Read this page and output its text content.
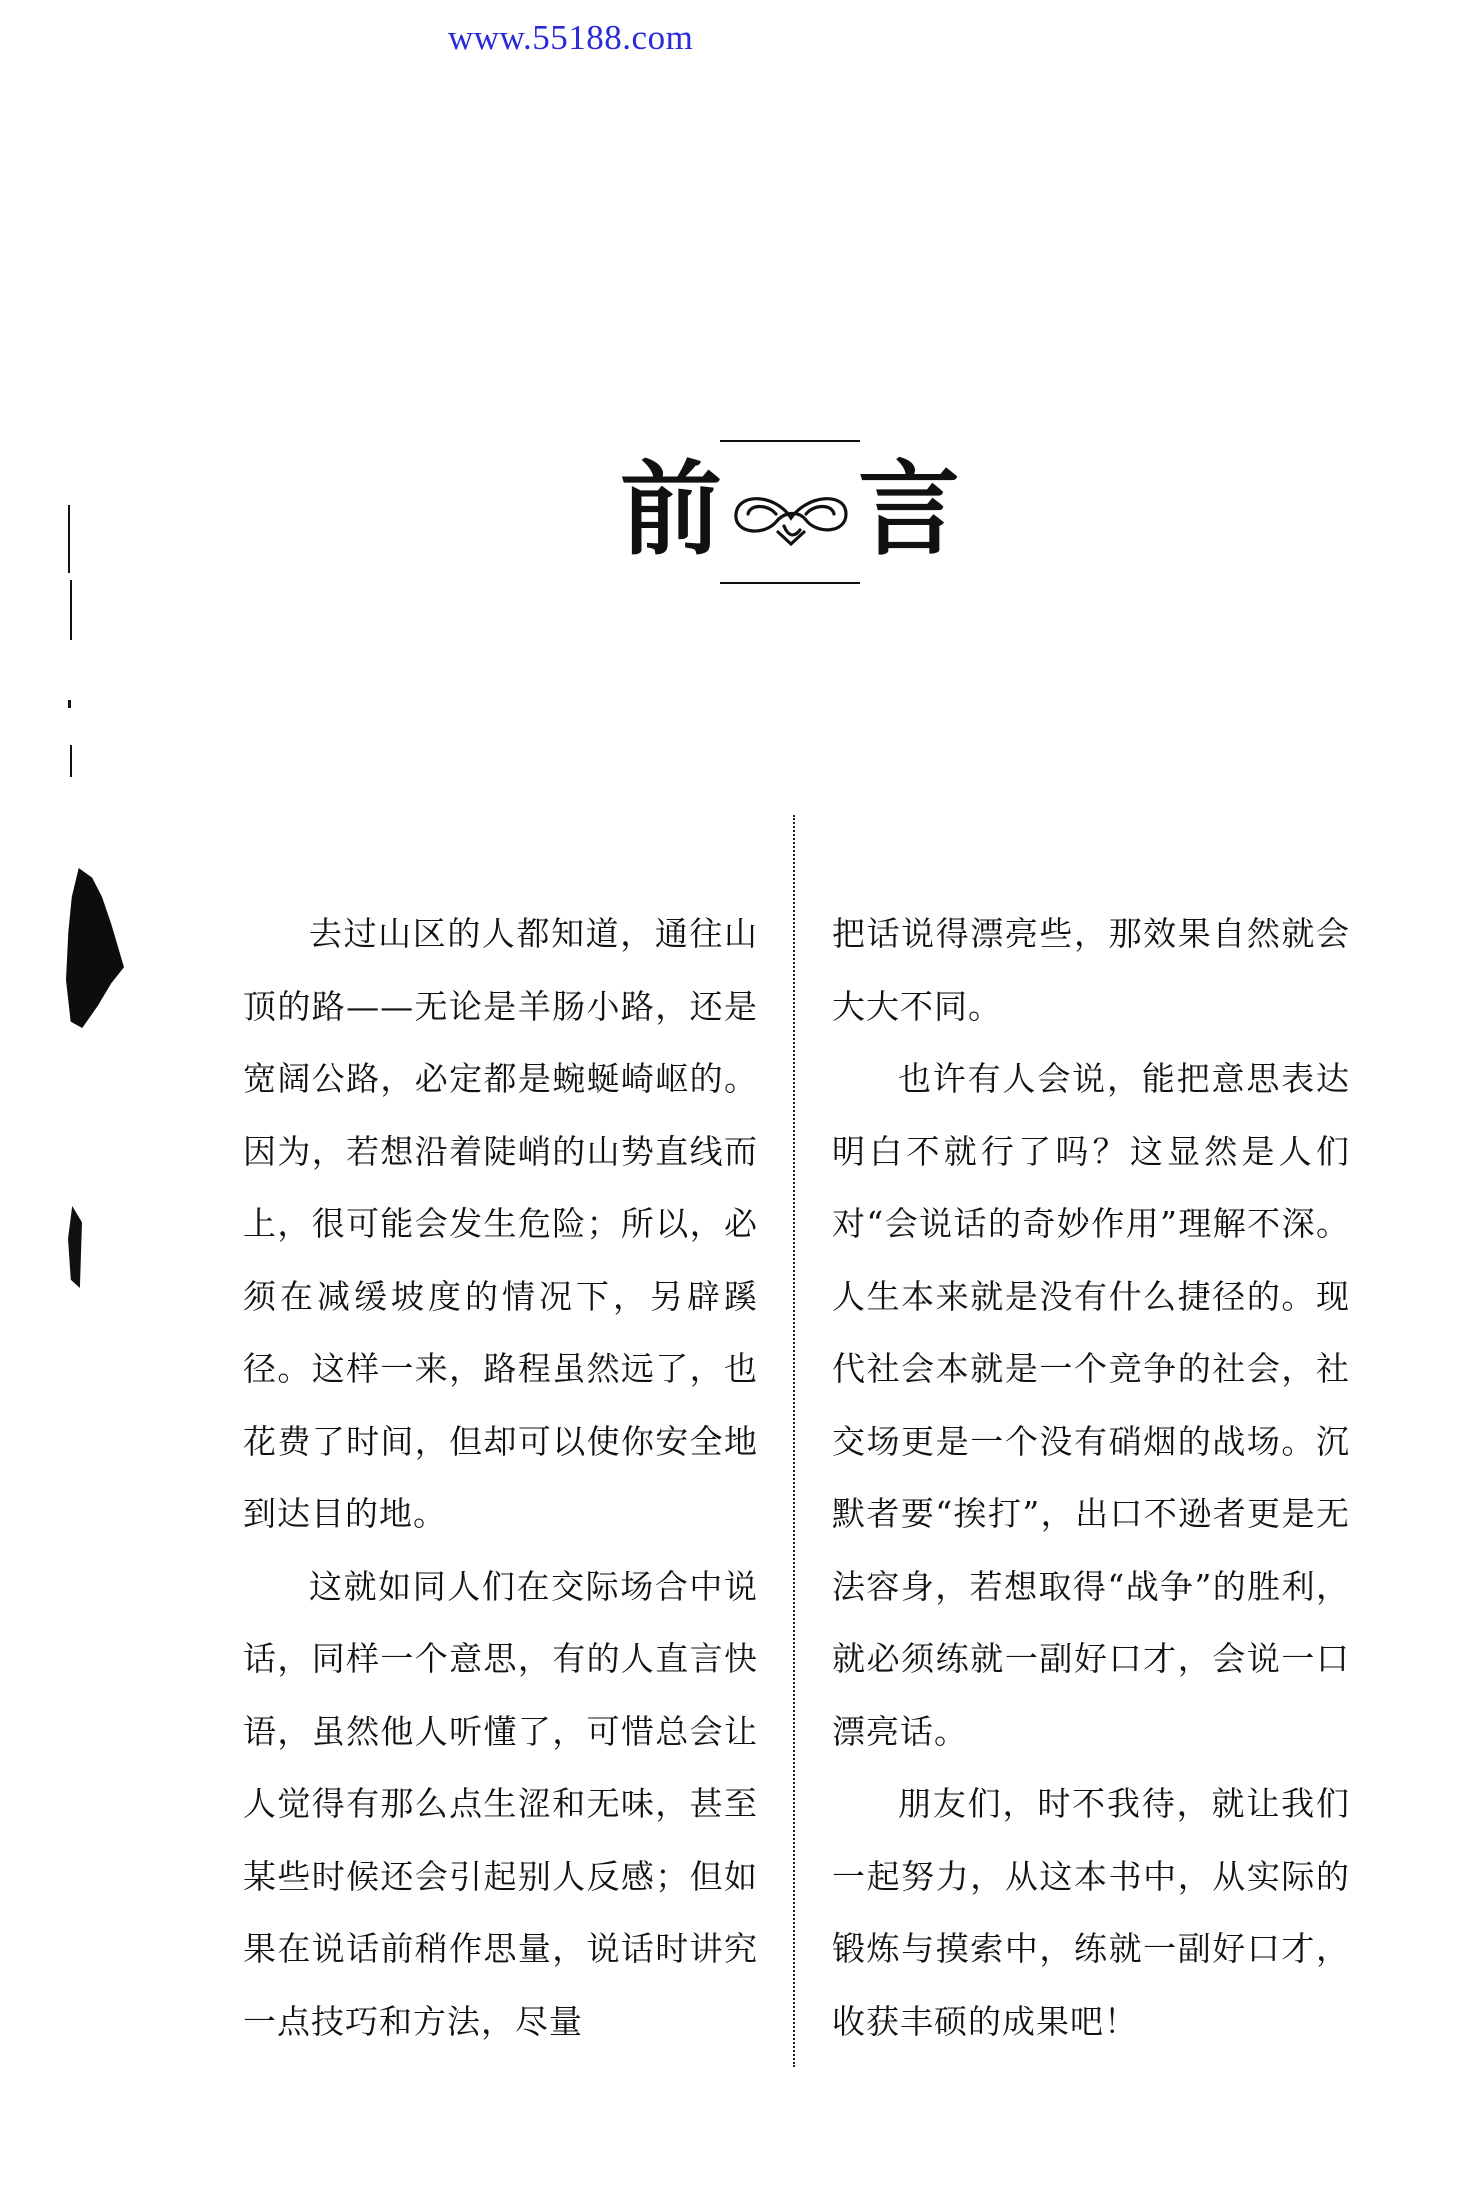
www.55188.com
前 言

去过山区的人都知道，通往山顶的路——无论是羊肠小路，还是宽阔公路，必定都是蜿蜒崎岖的。因为，若想沿着陡峭的山势直线而上，很可能会发生危险；所以，必须在减缓坡度的情况下，另辟蹊径。这样一来，路程虽然远了，也花费了时间，但却可以使你安全地到达目的地。

这就如同人们在交际场合中说话，同样一个意思，有的人直言快语，虽然他人听懂了，可惜总会让人觉得有那么点生涩和无味，甚至某些时候还会引起别人反感；但如果在说话前稍作思量，说话时讲究一点技巧和方法，尽量

把话说得漂亮些，那效果自然就会大大不同。

也许有人会说，能把意思表达明白不就行了吗？这显然是人们对“会说话的奇妙作用”理解不深。人生本来就是没有什么捷径的。现代社会本就是一个竞争的社会，社交场更是一个没有硝烟的战场。沉默者要“挨打”，出口不逊者更是无法容身，若想取得“战争”的胜利，就必须练就一副好口才，会说一口漂亮话。

朋友们，时不我待，就让我们一起努力，从这本书中，从实际的锻炼与摸索中，练就一副好口才，收获丰硕的成果吧！
